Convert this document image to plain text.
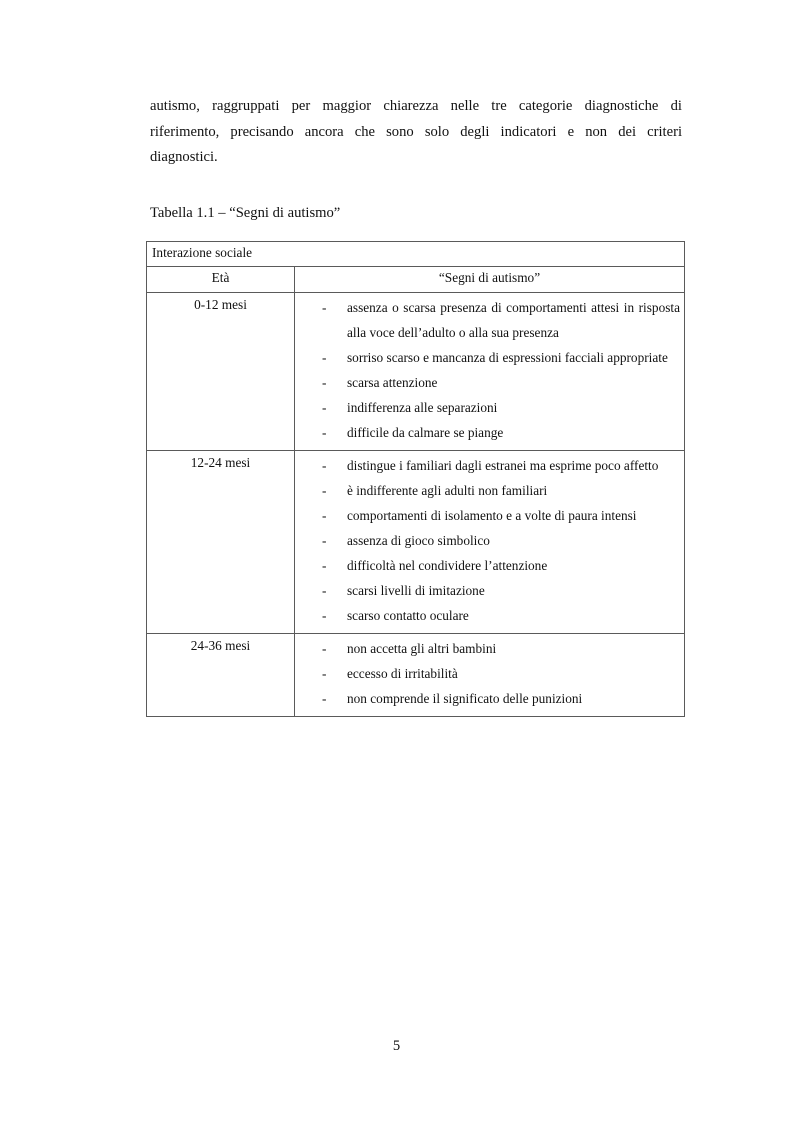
autismo, raggruppati per maggior chiarezza nelle tre categorie diagnostiche di
riferimento, precisando ancora che sono solo degli indicatori e non dei criteri
diagnostici.
Tabella 1.1 – “Segni di autismo”
Interazione sociale	
Età	“Segni di autismo”
0-12 mesi	-	assenza o scarsa presenza di comportamenti attesi in risposta alla voce dell’adulto o alla sua presenza
-	sorriso scarso e mancanza di espressioni facciali appropriate
-	scarsa attenzione
-	indifferenza alle separazioni
-	difficile da calmare se piange

12-24 mesi	-	distingue i familiari dagli estranei ma esprime poco affetto
-	è indifferente agli adulti non familiari
-	comportamenti di isolamento e a volte di paura intensi
-	assenza di gioco simbolico
-	difficoltà nel condividere l’attenzione
-	scarsi livelli di imitazione
-	scarso contatto oculare

24-36 mesi	-	non accetta gli altri bambini
-	eccesso di irritabilità
-	non comprende il significato delle punizioni
5
